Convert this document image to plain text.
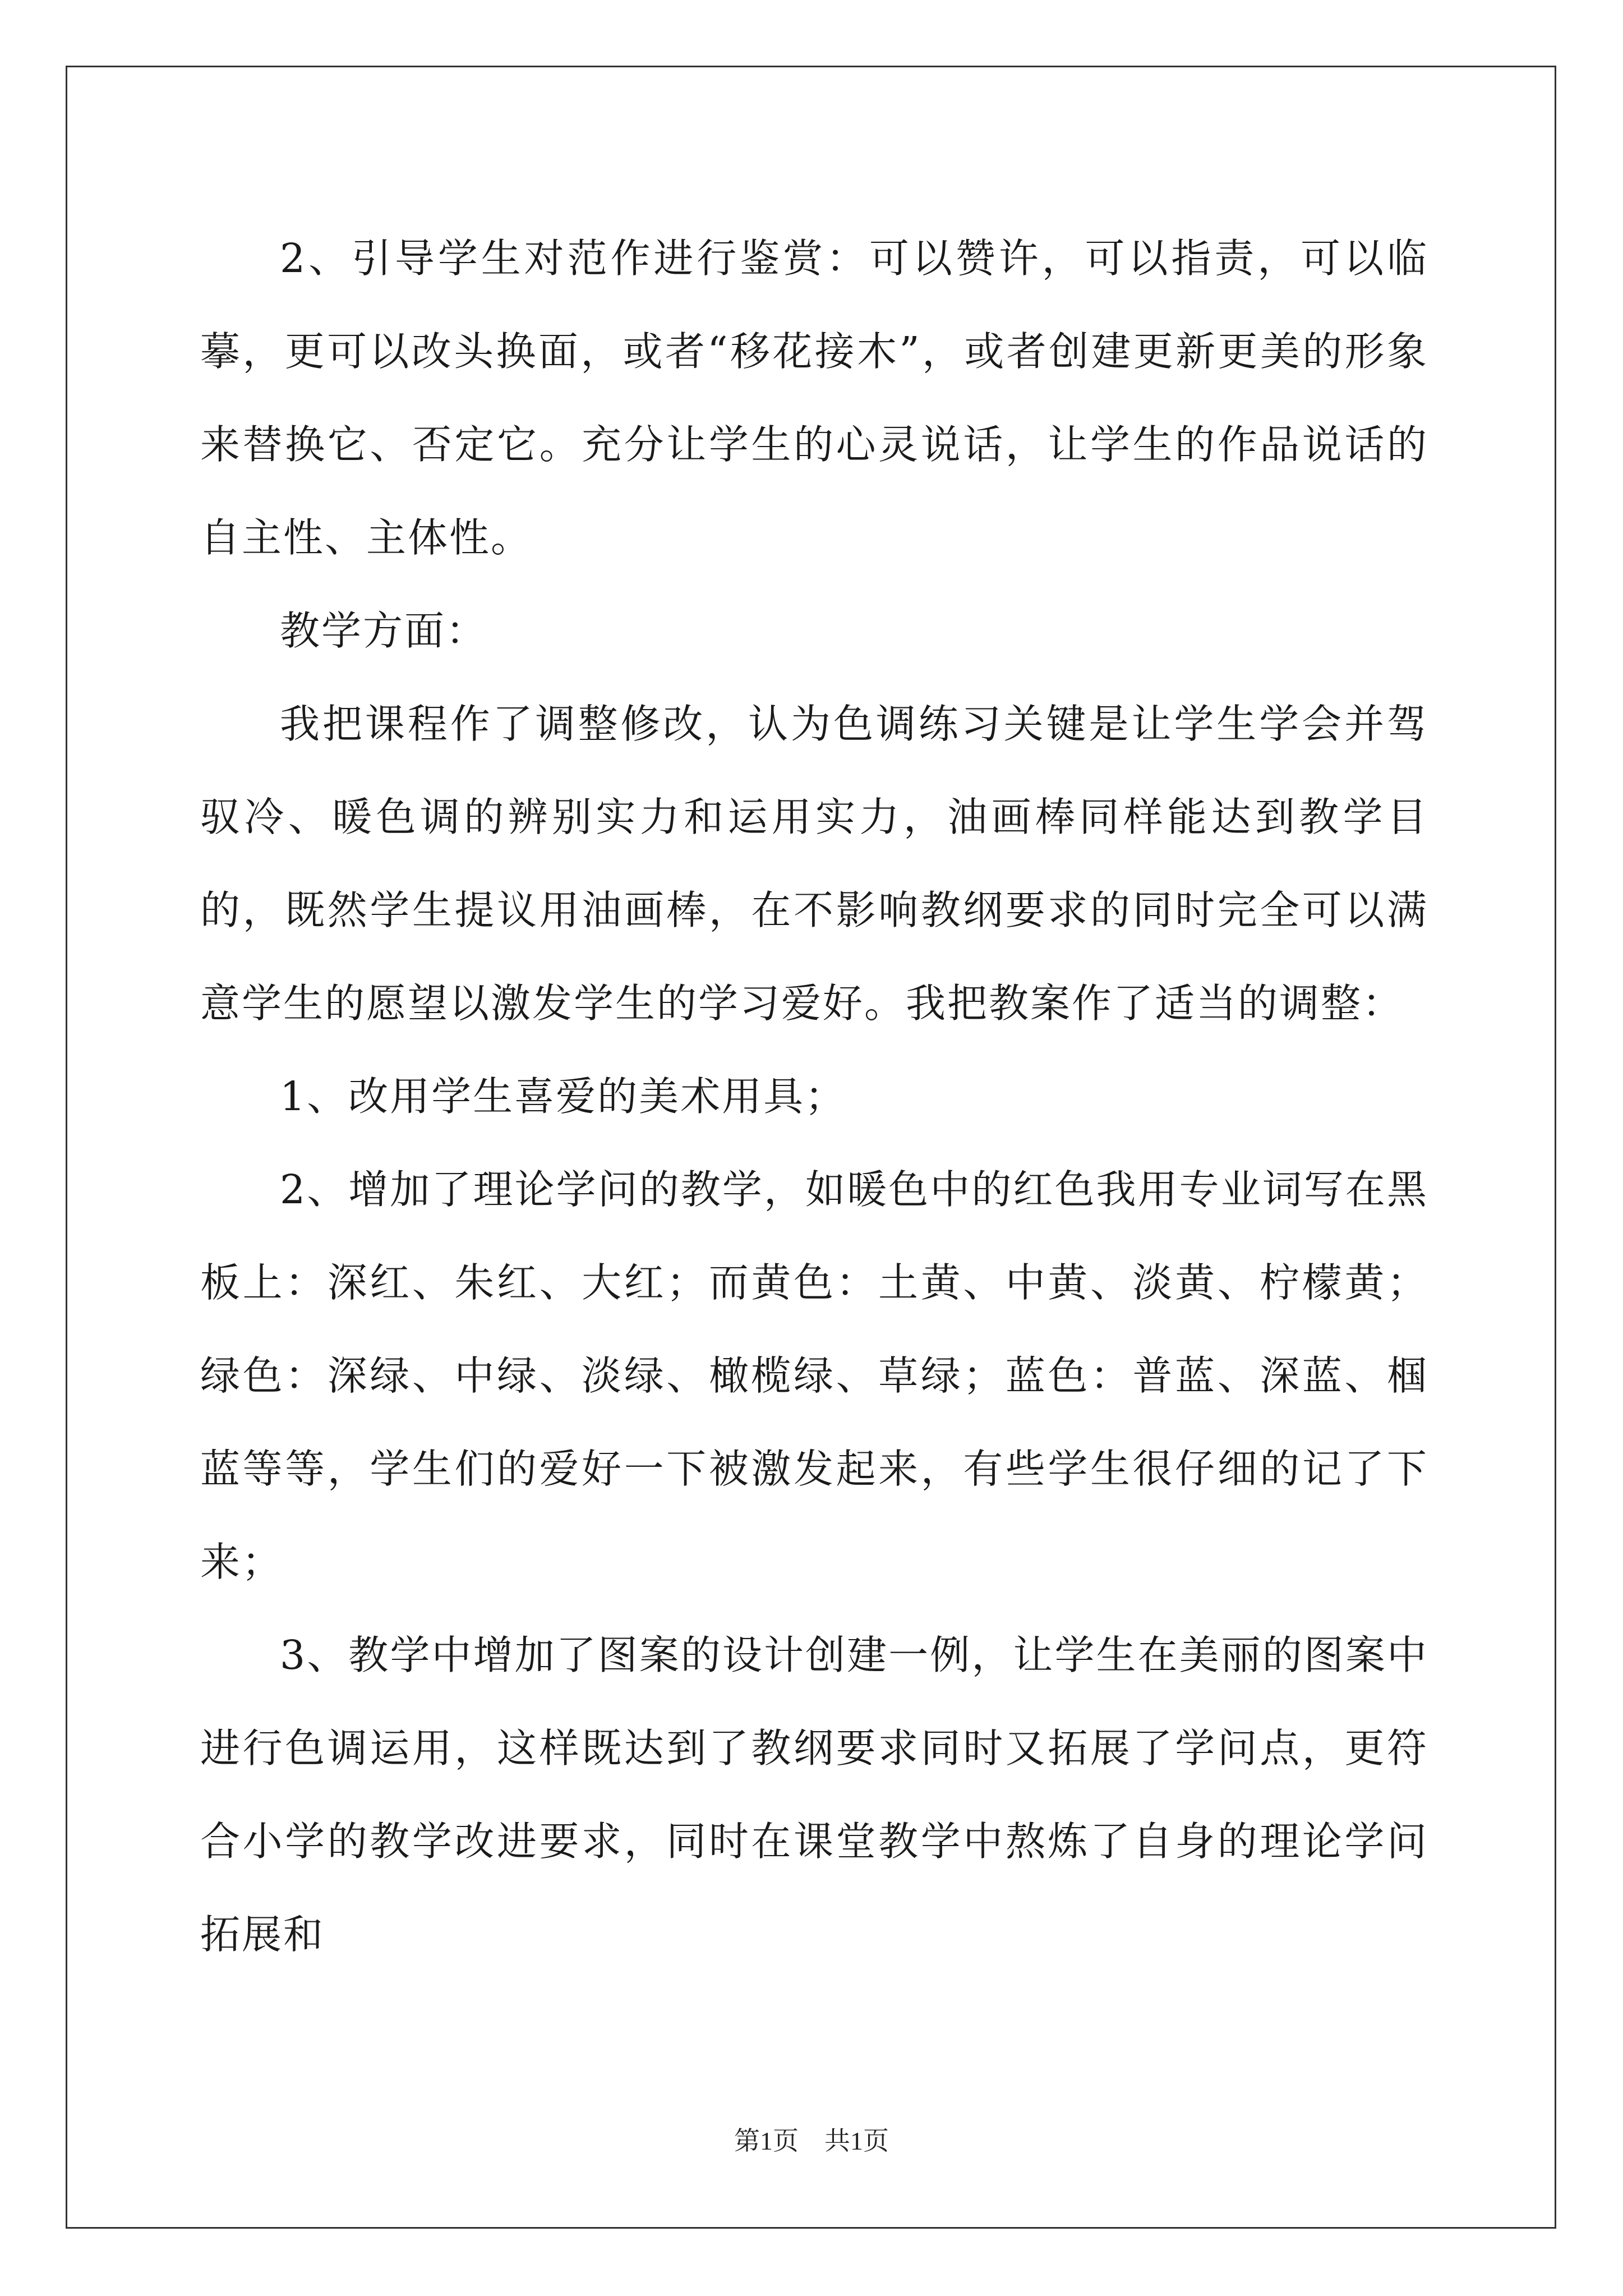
2、引导学生对范作进行鉴赏：可以赞许，可以指责，可以临摹，更可以改头换面，或者“移花接木”，或者创建更新更美的形象来替换它、否定它。充分让学生的心灵说话，让学生的作品说话的自主性、主体性。

教学方面：

我把课程作了调整修改，认为色调练习关键是让学生学会并驾驭冷、暖色调的辨别实力和运用实力，油画棒同样能达到教学目的，既然学生提议用油画棒，在不影响教纲要求的同时完全可以满意学生的愿望以激发学生的学习爱好。我把教案作了适当的调整：

1、改用学生喜爱的美术用具；

2、增加了理论学问的教学，如暖色中的红色我用专业词写在黑板上：深红、朱红、大红；而黄色：土黄、中黄、淡黄、柠檬黄；绿色：深绿、中绿、淡绿、橄榄绿、草绿；蓝色：普蓝、深蓝、椢蓝等等，学生们的爱好一下被激发起来，有些学生很仔细的记了下来；

3、教学中增加了图案的设计创建一例，让学生在美丽的图案中进行色调运用，这样既达到了教纲要求同时又拓展了学问点，更符合小学的教学改进要求，同时在课堂教学中熬炼了自身的理论学问拓展和

第1页　共1页
